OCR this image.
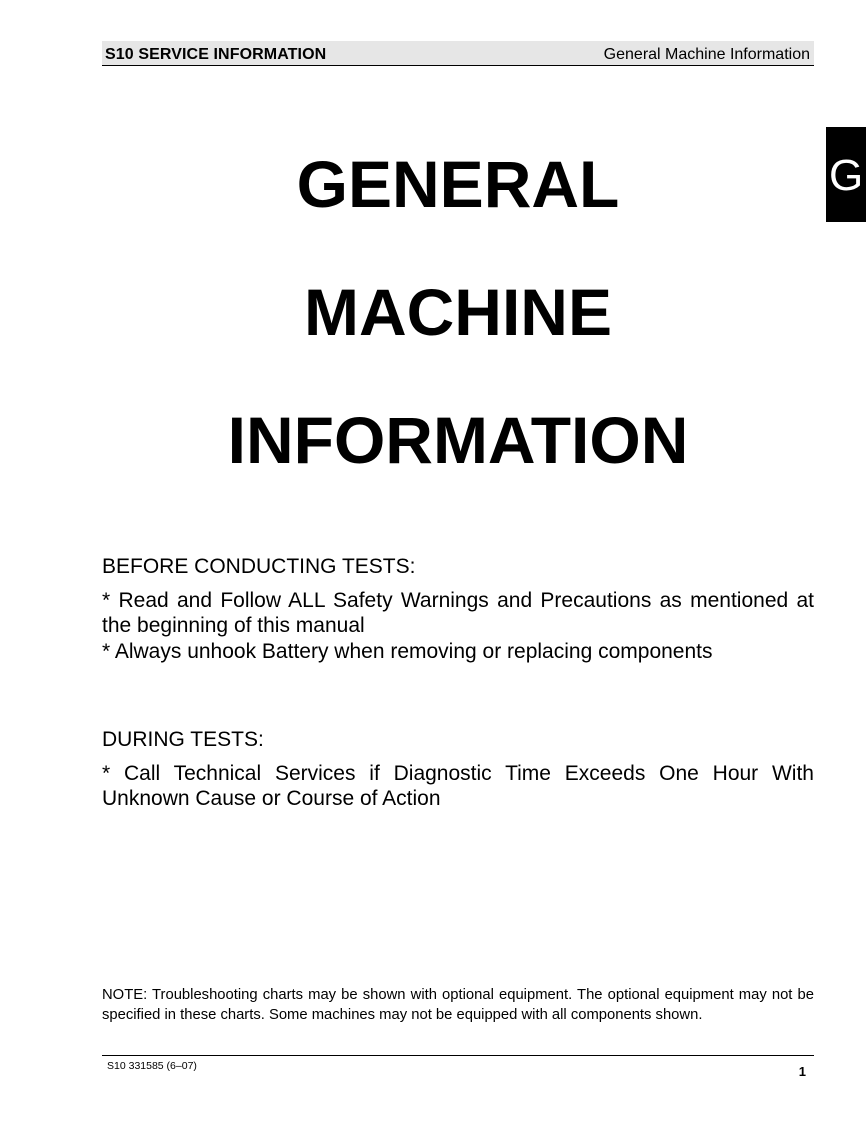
S10 SERVICE INFORMATION	General Machine Information
G
GENERAL
MACHINE
INFORMATION
BEFORE CONDUCTING TESTS:
* Read and Follow ALL Safety Warnings and Precautions as mentioned at the beginning of this manual
* Always unhook Battery when removing or replacing components
DURING TESTS:
* Call Technical Services if Diagnostic Time Exceeds One Hour With Unknown Cause or Course of Action
NOTE: Troubleshooting charts may be shown with optional equipment. The optional equipment may not be specified in these charts. Some machines may not be equipped with all components shown.
S10 331585 (6–07)	1
